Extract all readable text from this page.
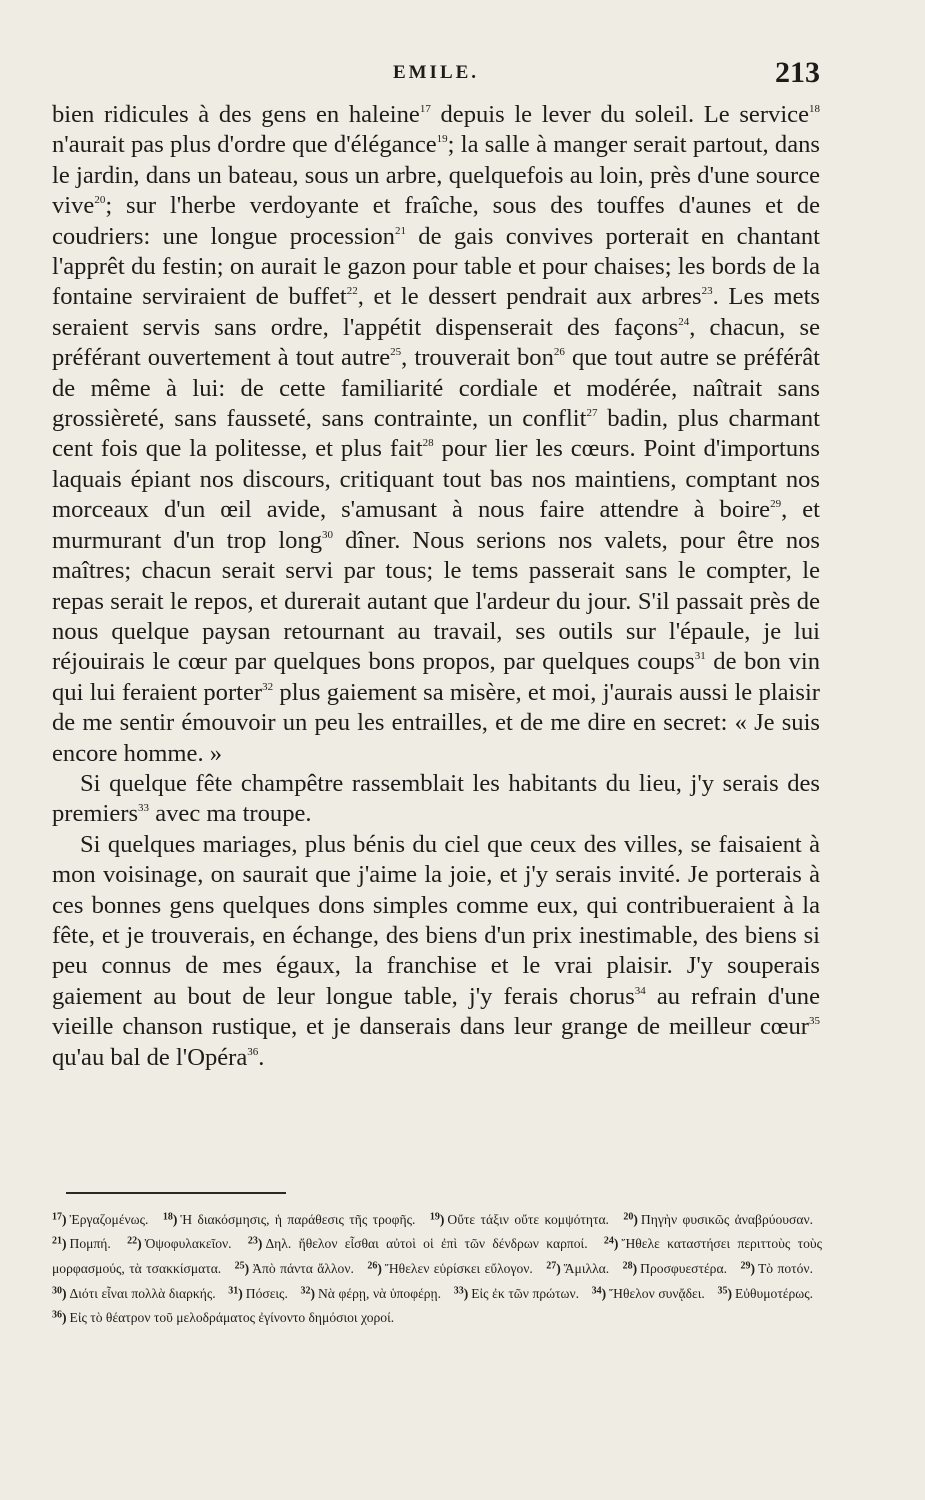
EMILE.	213

bien ridicules à des gens en haleine$^{17}$ depuis le lever du soleil. Le service$^{18}$ n'aurait pas plus d'ordre que d'élégance$^{19}$; la salle à manger serait partout, dans le jardin, dans un bateau, sous un arbre, quelquefois au loin, près d'une source vive$^{20}$; sur l'herbe verdoyante et fraîche, sous des touffes d'aunes et de coudriers: une longue procession$^{21}$ de gais convives porterait en chantant l'apprêt du festin; on aurait le gazon pour table et pour chaises; les bords de la fontaine serviraient de buffet$^{22}$, et le dessert pendrait aux arbres$^{23}$. Les mets seraient servis sans ordre, l'appétit dispenserait des façons$^{24}$, chacun, se préférant ouvertement à tout autre$^{25}$, trouverait bon$^{26}$ que tout autre se préférât de même à lui: de cette familiarité cordiale et modérée, naîtrait sans grossièreté, sans fausseté, sans contrainte, un conflit$^{27}$ badin, plus charmant cent fois que la politesse, et plus fait$^{28}$ pour lier les cœurs. Point d'importuns laquais épiant nos discours, critiquant tout bas nos maintiens, comptant nos morceaux d'un œil avide, s'amusant à nous faire attendre à boire$^{29}$, et murmurant d'un trop long$^{30}$ dîner. Nous serions nos valets, pour être nos maîtres; chacun serait servi par tous; le tems passerait sans le compter, le repas serait le repos, et durerait autant que l'ardeur du jour. S'il passait près de nous quelque paysan retournant au travail, ses outils sur l'épaule, je lui réjouirais le cœur par quelques bons propos, par quelques coups$^{31}$ de bon vin qui lui feraient porter$^{32}$ plus gaiement sa misère, et moi, j'aurais aussi le plaisir de me sentir émouvoir un peu les entrailles, et de me dire en secret: « Je suis encore homme. »

Si quelque fête champêtre rassemblait les habitants du lieu, j'y serais des premiers$^{33}$ avec ma troupe.

Si quelques mariages, plus bénis du ciel que ceux des villes, se faisaient à mon voisinage, on saurait que j'aime la joie, et j'y serais invité. Je porterais à ces bonnes gens quelques dons simples comme eux, qui contribueraient à la fête, et je trouverais, en échange, des biens d'un prix inestimable, des biens si peu connus de mes égaux, la franchise et le vrai plaisir. J'y souperais gaiement au bout de leur longue table, j'y ferais chorus$^{34}$ au refrain d'une vieille chanson rustique, et je danserais dans leur grange de meilleur cœur$^{35}$ qu'au bal de l'Opéra$^{36}$.

$^{17}$) Ἐργαζομένως. $^{18}$) Ἡ διακόσμησις, ἡ παράθεσις τῆς τροφῆς. $^{19}$) Οὔτε τάξιν οὔτε κομψότητα. $^{20}$) Πηγὴν φυσικῶς ἀναβρύουσαν. $^{21}$) Πομπή. $^{22}$) Ὀψοφυλακεῖον. $^{23}$) Δηλ. ἤθελον εἶσθαι αὐτοὶ οἱ ἐπὶ τῶν δένδρων καρποί. $^{24}$) Ἤθελε καταστήσει περιττοὺς τοὺς μορφασμούς, τὰ τσακκίσματα. $^{25}$) Ἀπὸ πάντα ἄλλον. $^{26}$) Ἤθελεν εὑρίσκει εὔλογον. $^{27}$) Ἅμιλλα. $^{28}$) Προσφυεστέρα. $^{29}$) Τὸ ποτόν. $^{30}$) Διότι εἶναι πολλὰ διαρκής. $^{31}$) Πόσεις. $^{32}$) Νὰ φέρῃ, νὰ ὑποφέρῃ. $^{33}$) Εἰς ἐκ τῶν πρώτων. $^{34}$) Ἤθελον συνᾄδει. $^{35}$) Εὐθυμοτέρως. $^{36}$) Εἰς τὸ θέατρον τοῦ μελοδράματος ἐγίνοντο δημόσιοι χοροί.
